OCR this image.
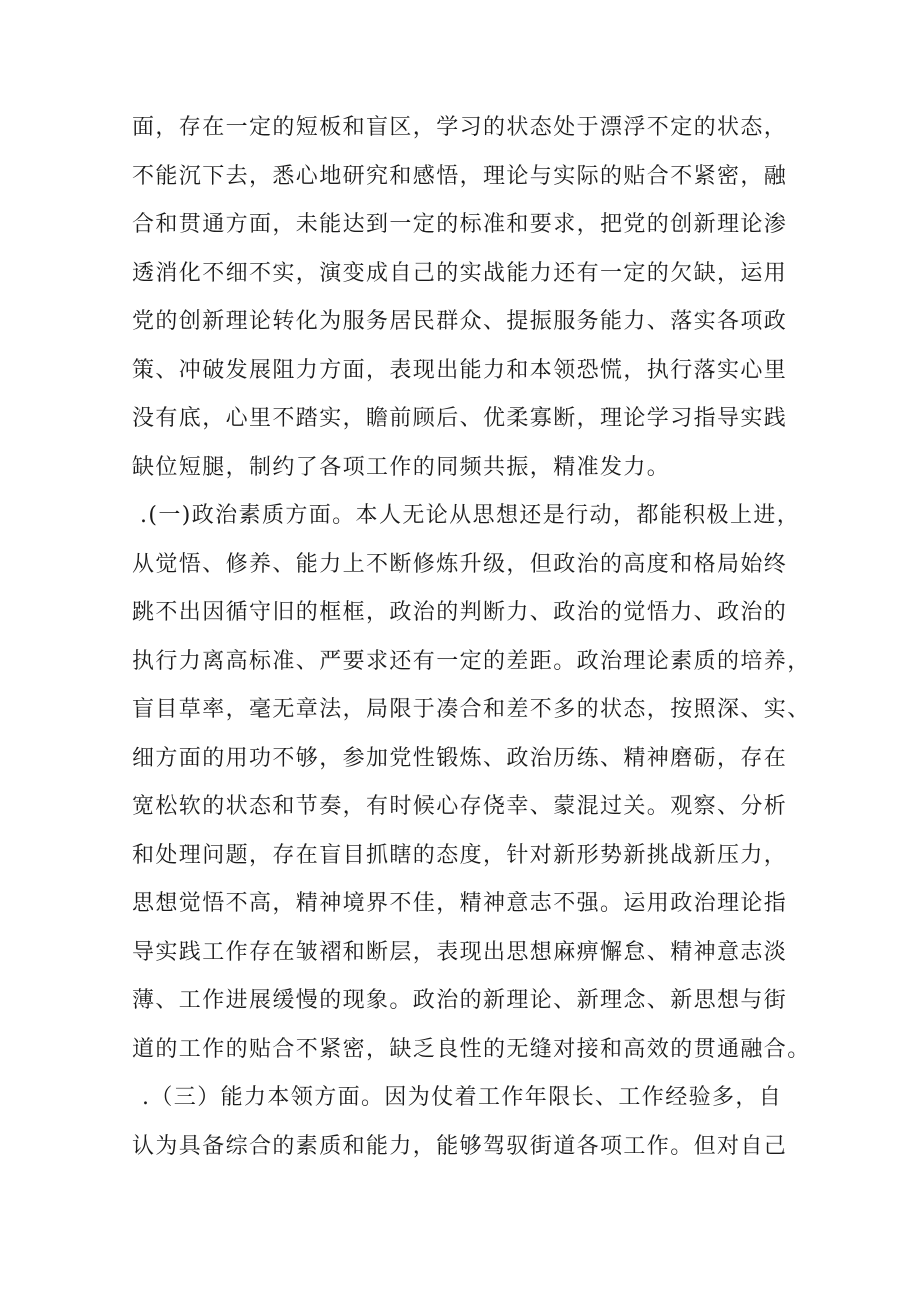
面，存在一定的短板和盲区，学习的状态处于漂浮不定的状态，
不能沉下去，悉心地研究和感悟，理论与实际的贴合不紧密，融
合和贯通方面，未能达到一定的标准和要求，把党的创新理论渗
透消化不细不实，演变成自己的实战能力还有一定的欠缺，运用
党的创新理论转化为服务居民群众、提振服务能力、落实各项政
策、冲破发展阻力方面，表现出能力和本领恐慌，执行落实心里
没有底，心里不踏实，瞻前顾后、优柔寡断，理论学习指导实践
缺位短腿，制约了各项工作的同频共振，精准发力。
.(一)政治素质方面。本人无论从思想还是行动，都能积极上进，
从觉悟、修养、能力上不断修炼升级，但政治的高度和格局始终
跳不出因循守旧的框框，政治的判断力、政治的觉悟力、政治的
执行力离高标准、严要求还有一定的差距。政治理论素质的培养，
盲目草率，毫无章法，局限于凑合和差不多的状态，按照深、实、
细方面的用功不够，参加党性锻炼、政治历练、精神磨砺，存在
宽松软的状态和节奏，有时候心存侥幸、蒙混过关。观察、分析
和处理问题，存在盲目抓瞎的态度，针对新形势新挑战新压力，
思想觉悟不高，精神境界不佳，精神意志不强。运用政治理论指
导实践工作存在皱褶和断层，表现出思想麻痹懈怠、精神意志淡
薄、工作进展缓慢的现象。政治的新理论、新理念、新思想与街
道的工作的贴合不紧密，缺乏良性的无缝对接和高效的贯通融合。
.（三）能力本领方面。因为仗着工作年限长、工作经验多，自
认为具备综合的素质和能力，能够驾驭街道各项工作。但对自己
